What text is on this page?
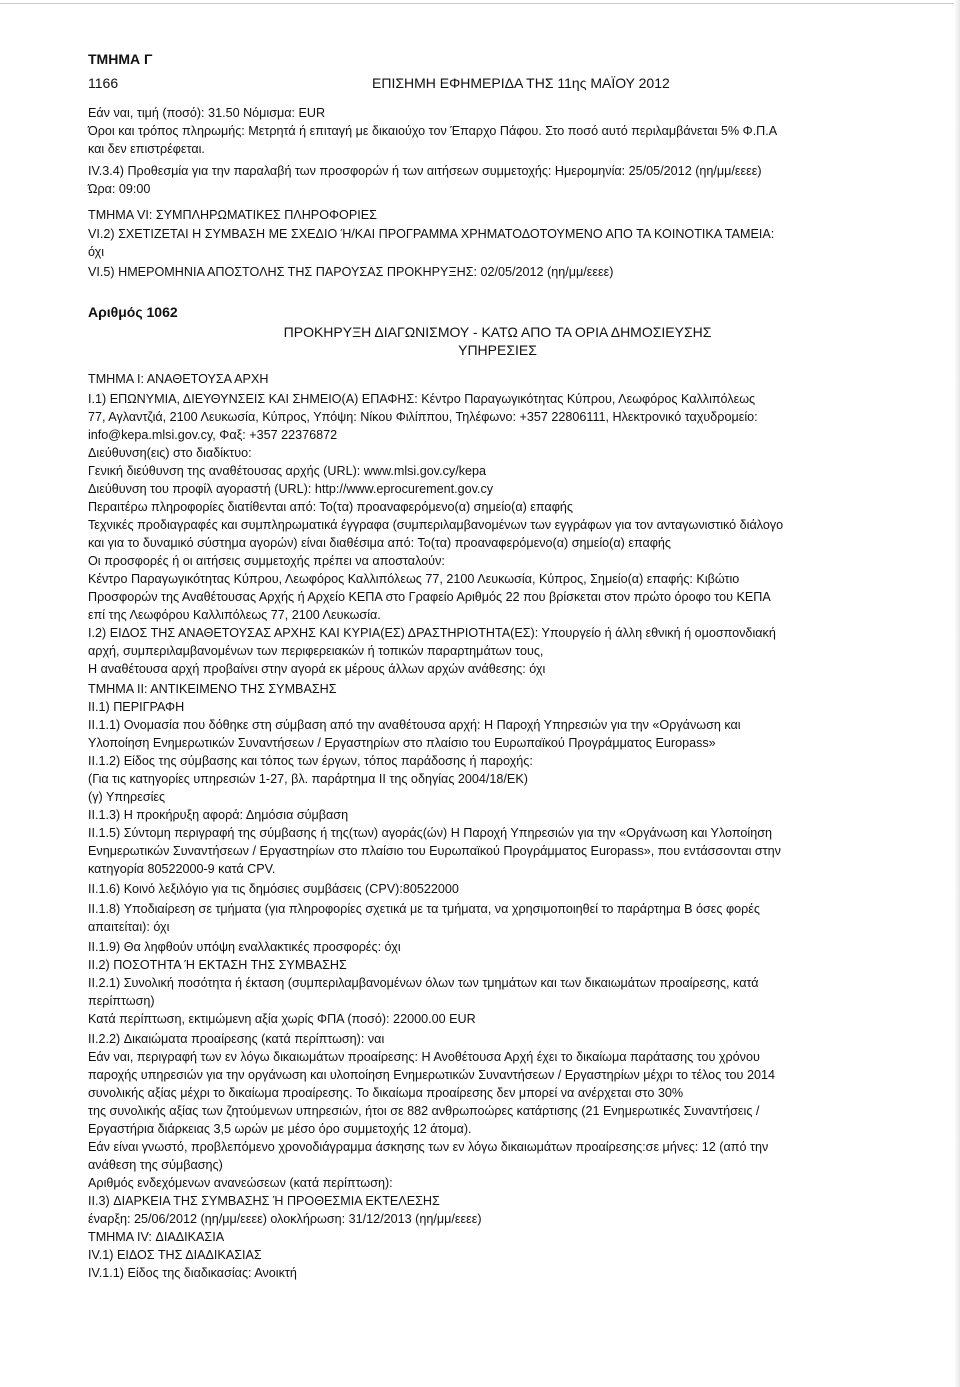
ΤΜΗΜΑ Γ
1166	ΕΠΙΣΗΜΗ ΕΦΗΜΕΡΙΔΑ ΤΗΣ 11ης ΜΑΪΟΥ 2012
Εάν ναι, τιμή (ποσό): 31.50 Νόμισμα: EUR
Όροι και τρόπος πληρωμής: Μετρητά ή επιταγή με δικαιούχο τον Έπαρχο Πάφου. Στο ποσό αυτό περιλαμβάνεται 5% Φ.Π.Α
και δεν επιστρέφεται.
IV.3.4) Προθεσμία για την παραλαβή των προσφορών ή των αιτήσεων συμμετοχής: Ημερομηνία: 25/05/2012 (ηη/μμ/εεεε)
Ώρα: 09:00
ΤΜΗΜΑ VI: ΣΥΜΠΛΗΡΩΜΑΤΙΚΕΣ ΠΛΗΡΟΦΟΡΙΕΣ
VI.2) ΣΧΕΤΙΖΕΤΑΙ Η ΣΥΜΒΑΣΗ ΜΕ ΣΧΕΔΙΟ Ή/ΚΑΙ ΠΡΟΓΡΑΜΜΑ ΧΡΗΜΑΤΟΔΟΤΟΥΜΕΝΟ ΑΠΟ ΤΑ ΚΟΙΝΟΤΙΚΑ ΤΑΜΕΙΑ:
όχι
VI.5) ΗΜΕΡΟΜΗΝΙΑ ΑΠΟΣΤΟΛΗΣ ΤΗΣ ΠΑΡΟΥΣΑΣ ΠΡΟΚΗΡΥΞΗΣ: 02/05/2012 (ηη/μμ/εεεε)
Αριθμός 1062
ΠΡΟΚΗΡΥΞΗ ΔΙΑΓΩΝΙΣΜΟΥ - ΚΑΤΩ ΑΠΟ ΤΑ ΟΡΙΑ ΔΗΜΟΣΙΕΥΣΗΣ
ΥΠΗΡΕΣΙΕΣ
ΤΜΗΜΑ Ι: ΑΝΑΘΕΤΟΥΣΑ ΑΡΧΗ
I.1) ΕΠΩΝΥΜΙΑ, ΔΙΕΥΘΥΝΣΕΙΣ ΚΑΙ ΣΗΜΕΙΟ(Α) ΕΠΑΦΗΣ: Κέντρο Παραγωγικότητας Κύπρου, Λεωφόρος Καλλιπόλεως
77, Αγλαντζιά, 2100 Λευκωσία, Κύπρος, Υπόψη: Νίκου Φιλίππου, Τηλέφωνο: +357 22806111, Ηλεκτρονικό ταχυδρομείο:
info@kepa.mlsi.gov.cy, Φαξ: +357 22376872
Διεύθυνση(εις) στο διαδίκτυο:
Γενική διεύθυνση της αναθέτουσας αρχής (URL): www.mlsi.gov.cy/kepa
Διεύθυνση του προφίλ αγοραστή (URL): http://www.eprocurement.gov.cy
Περαιτέρω πληροφορίες διατίθενται από: Το(τα) προαναφερόμενο(α) σημείο(α) επαφής
Τεχνικές προδιαγραφές και συμπληρωματικά έγγραφα (συμπεριλαμβανομένων των εγγράφων για τον ανταγωνιστικό διάλογο
και για το δυναμικό σύστημα αγορών) είναι διαθέσιμα από: Το(τα) προαναφερόμενο(α) σημείο(α) επαφής
Οι προσφορές ή οι αιτήσεις συμμετοχής πρέπει να αποσταλούν:
Κέντρο Παραγωγικότητας Κύπρου, Λεωφόρος Καλλιπόλεως 77, 2100 Λευκωσία, Κύπρος, Σημείο(α) επαφής: Κιβώτιο
Προσφορών της Αναθέτουσας Αρχής ή Αρχείο ΚΕΠΑ στο Γραφείο Αριθμός 22 που βρίσκεται στον πρώτο όροφο του ΚΕΠΑ
επί της Λεωφόρου Καλλιπόλεως 77, 2100 Λευκωσία.
I.2) ΕΙΔΟΣ ΤΗΣ ΑΝΑΘΕΤΟΥΣΑΣ ΑΡΧΗΣ ΚΑΙ ΚΥΡΙΑ(ΕΣ) ΔΡΑΣΤΗΡΙΟΤΗΤΑ(ΕΣ): Υπουργείο ή άλλη εθνική ή ομοσπονδιακή
αρχή, συμπεριλαμβανομένων των περιφερειακών ή τοπικών παραρτημάτων τους,
Η αναθέτουσα αρχή προβαίνει στην αγορά εκ μέρους άλλων αρχών ανάθεσης: όχι
ΤΜΗΜΑ ΙΙ: ΑΝΤΙΚΕΙΜΕΝΟ ΤΗΣ ΣΥΜΒΑΣΗΣ
II.1) ΠΕΡΙΓΡΑΦΗ
II.1.1) Ονομασία που δόθηκε στη σύμβαση από την αναθέτουσα αρχή: Η Παροχή Υπηρεσιών για την «Οργάνωση και
Υλοποίηση Ενημερωτικών Συναντήσεων / Εργαστηρίων στο πλαίσιο του Ευρωπαϊκού Προγράμματος Europass»
II.1.2) Είδος της σύμβασης και τόπος των έργων, τόπος παράδοσης ή παροχής:
(Για τις κατηγορίες υπηρεσιών 1-27, βλ. παράρτημα ΙΙ της οδηγίας 2004/18/ΕΚ)
(γ) Υπηρεσίες
II.1.3) Η προκήρυξη αφορά: Δημόσια σύμβαση
II.1.5) Σύντομη περιγραφή της σύμβασης ή της(των) αγοράς(ών) Η Παροχή Υπηρεσιών για την «Οργάνωση και Υλοποίηση
Ενημερωτικών Συναντήσεων / Εργαστηρίων στο πλαίσιο του Ευρωπαϊκού Προγράμματος Europass», που εντάσσονται στην
κατηγορία 80522000-9 κατά CPV.
II.1.6) Κοινό λεξιλόγιο για τις δημόσιες συμβάσεις (CPV):80522000
II.1.8) Υποδιαίρεση σε τμήματα (για πληροφορίες σχετικά με τα τμήματα, να χρησιμοποιηθεί το παράρτημα Β όσες φορές
απαιτείται): όχι
II.1.9) Θα ληφθούν υπόψη εναλλακτικές προσφορές: όχι
II.2) ΠΟΣΟΤΗΤΑ Ή ΕΚΤΑΣΗ ΤΗΣ ΣΥΜΒΑΣΗΣ
II.2.1) Συνολική ποσότητα ή έκταση (συμπεριλαμβανομένων όλων των τμημάτων και των δικαιωμάτων προαίρεσης, κατά
περίπτωση)
Κατά περίπτωση, εκτιμώμενη αξία χωρίς ΦΠΑ (ποσό): 22000.00 EUR
II.2.2) Δικαιώματα προαίρεσης (κατά περίπτωση): ναι
Εάν ναι, περιγραφή των εν λόγω δικαιωμάτων προαίρεσης: Η Ανοθέτουσα Αρχή έχει το δικαίωμα παράτασης του χρόνου
παροχής υπηρεσιών για την οργάνωση και υλοποίηση Ενημερωτικών Συναντήσεων / Εργαστηρίων μέχρι το τέλος του 2014
συνολικής αξίας μέχρι το δικαίωμα προαίρεσης. Το δικαίωμα προαίρεσης δεν μπορεί να ανέρχεται στο 30%
της συνολικής αξίας των ζητούμενων υπηρεσιών, ήτοι σε 882 ανθρωποώρες κατάρτισης (21 Ενημερωτικές Συναντήσεις /
Εργαστήρια διάρκειας 3,5 ωρών με μέσο όρο συμμετοχής 12 άτομα).
Εάν είναι γνωστό, προβλεπόμενο χρονοδιάγραμμα άσκησης των εν λόγω δικαιωμάτων προαίρεσης:σε μήνες: 12 (από την
ανάθεση της σύμβασης)
Αριθμός ενδεχόμενων ανανεώσεων (κατά περίπτωση):
II.3) ΔΙΑΡΚΕΙΑ ΤΗΣ ΣΥΜΒΑΣΗΣ Ή ΠΡΟΘΕΣΜΙΑ ΕΚΤΕΛΕΣΗΣ
έναρξη: 25/06/2012 (ηη/μμ/εεεε) ολοκλήρωση: 31/12/2013 (ηη/μμ/εεεε)
ΤΜΗΜΑ IV: ΔΙΑΔΙΚΑΣΙΑ
IV.1) ΕΙΔΟΣ ΤΗΣ ΔΙΑΔΙΚΑΣΙΑΣ
IV.1.1) Είδος της διαδικασίας: Ανοικτή
